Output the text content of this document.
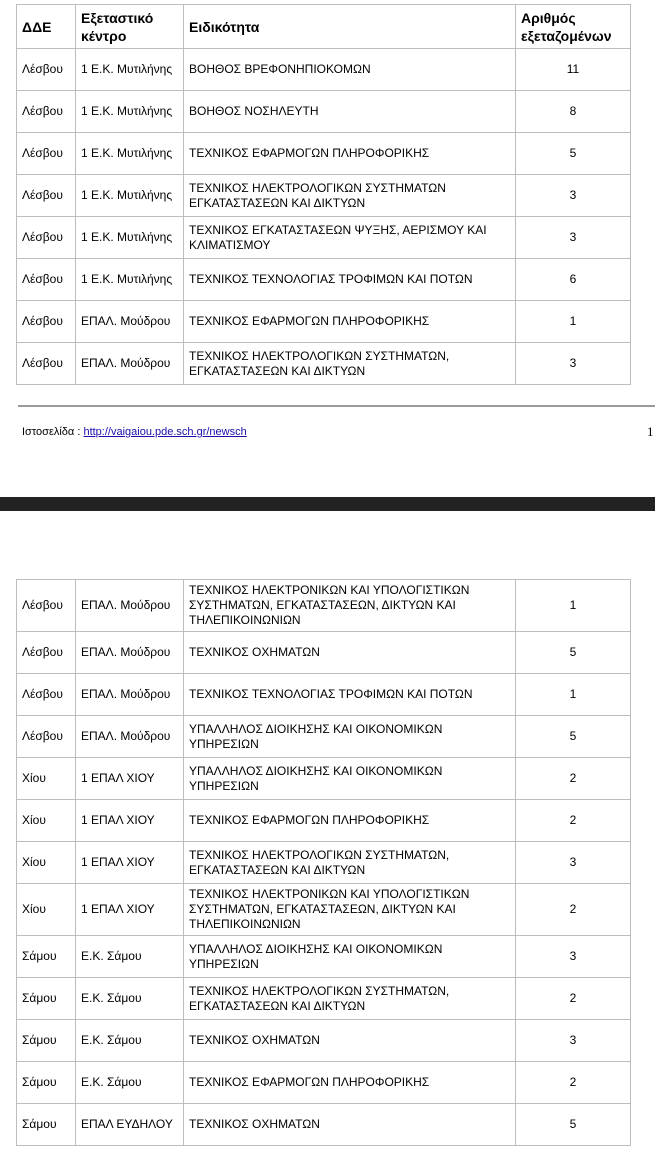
ΔΔΕ	Εξεταστικό κέντρο	Ειδικότητα	Αριθμός εξεταζομένων
Λέσβου	1 Ε.Κ. Μυτιλήνης	ΒΟΗΘΟΣ ΒΡΕΦΟΝΗΠΙΟΚΟΜΩΝ	11
Λέσβου	1 Ε.Κ. Μυτιλήνης	ΒΟΗΘΟΣ ΝΟΣΗΛΕΥΤΗ	8
Λέσβου	1 Ε.Κ. Μυτιλήνης	ΤΕΧΝΙΚΟΣ ΕΦΑΡΜΟΓΩΝ ΠΛΗΡΟΦΟΡΙΚΗΣ	5
Λέσβου	1 Ε.Κ. Μυτιλήνης	ΤΕΧΝΙΚΟΣ ΗΛΕΚΤΡΟΛΟΓΙΚΩΝ ΣΥΣΤΗΜΑΤΩΝ ΕΓΚΑΤΑΣΤΑΣΕΩΝ ΚΑΙ ΔΙΚΤΥΩΝ	3
Λέσβου	1 Ε.Κ. Μυτιλήνης	ΤΕΧΝΙΚΟΣ ΕΓΚΑΤΑΣΤΑΣΕΩΝ ΨΥΞΗΣ, ΑΕΡΙΣΜΟΥ ΚΑΙ ΚΛΙΜΑΤΙΣΜΟΥ	3
Λέσβου	1 Ε.Κ. Μυτιλήνης	ΤΕΧΝΙΚΟΣ ΤΕΧΝΟΛΟΓΙΑΣ ΤΡΟΦΙΜΩΝ ΚΑΙ ΠΟΤΩΝ	6
Λέσβου	ΕΠΑΛ. Μούδρου	ΤΕΧΝΙΚΟΣ ΕΦΑΡΜΟΓΩΝ ΠΛΗΡΟΦΟΡΙΚΗΣ	1
Λέσβου	ΕΠΑΛ. Μούδρου	ΤΕΧΝΙΚΟΣ ΗΛΕΚΤΡΟΛΟΓΙΚΩΝ ΣΥΣΤΗΜΑΤΩΝ, ΕΓΚΑΤΑΣΤΑΣΕΩΝ ΚΑΙ ΔΙΚΤΥΩΝ	3
Ιστοσελίδα : http://vaigaiou.pde.sch.gr/newsch	1
Λέσβου	ΕΠΑΛ. Μούδρου	ΤΕΧΝΙΚΟΣ ΗΛΕΚΤΡΟΝΙΚΩΝ ΚΑΙ ΥΠΟΛΟΓΙΣΤΙΚΩΝ ΣΥΣΤΗΜΑΤΩΝ, ΕΓΚΑΤΑΣΤΑΣΕΩΝ, ΔΙΚΤΥΩΝ ΚΑΙ ΤΗΛΕΠΙΚΟΙΝΩΝΙΩΝ	1
Λέσβου	ΕΠΑΛ. Μούδρου	ΤΕΧΝΙΚΟΣ ΟΧΗΜΑΤΩΝ	5
Λέσβου	ΕΠΑΛ. Μούδρου	ΤΕΧΝΙΚΟΣ ΤΕΧΝΟΛΟΓΙΑΣ ΤΡΟΦΙΜΩΝ ΚΑΙ ΠΟΤΩΝ	1
Λέσβου	ΕΠΑΛ. Μούδρου	ΥΠΑΛΛΗΛΟΣ ΔΙΟΙΚΗΣΗΣ ΚΑΙ ΟΙΚΟΝΟΜΙΚΩΝ ΥΠΗΡΕΣΙΩΝ	5
Χίου	1 ΕΠΑΛ ΧΙΟΥ	ΥΠΑΛΛΗΛΟΣ ΔΙΟΙΚΗΣΗΣ ΚΑΙ ΟΙΚΟΝΟΜΙΚΩΝ ΥΠΗΡΕΣΙΩΝ	2
Χίου	1 ΕΠΑΛ ΧΙΟΥ	ΤΕΧΝΙΚΟΣ ΕΦΑΡΜΟΓΩΝ ΠΛΗΡΟΦΟΡΙΚΗΣ	2
Χίου	1 ΕΠΑΛ ΧΙΟΥ	ΤΕΧΝΙΚΟΣ ΗΛΕΚΤΡΟΛΟΓΙΚΩΝ ΣΥΣΤΗΜΑΤΩΝ, ΕΓΚΑΤΑΣΤΑΣΕΩΝ ΚΑΙ ΔΙΚΤΥΩΝ	3
Χίου	1 ΕΠΑΛ ΧΙΟΥ	ΤΕΧΝΙΚΟΣ ΗΛΕΚΤΡΟΝΙΚΩΝ ΚΑΙ ΥΠΟΛΟΓΙΣΤΙΚΩΝ ΣΥΣΤΗΜΑΤΩΝ, ΕΓΚΑΤΑΣΤΑΣΕΩΝ, ΔΙΚΤΥΩΝ ΚΑΙ ΤΗΛΕΠΙΚΟΙΝΩΝΙΩΝ	2
Σάμου	Ε.Κ. Σάμου	ΥΠΑΛΛΗΛΟΣ ΔΙΟΙΚΗΣΗΣ ΚΑΙ ΟΙΚΟΝΟΜΙΚΩΝ ΥΠΗΡΕΣΙΩΝ	3
Σάμου	Ε.Κ. Σάμου	ΤΕΧΝΙΚΟΣ ΗΛΕΚΤΡΟΛΟΓΙΚΩΝ ΣΥΣΤΗΜΑΤΩΝ, ΕΓΚΑΤΑΣΤΑΣΕΩΝ ΚΑΙ ΔΙΚΤΥΩΝ	2
Σάμου	Ε.Κ. Σάμου	ΤΕΧΝΙΚΟΣ ΟΧΗΜΑΤΩΝ	3
Σάμου	Ε.Κ. Σάμου	ΤΕΧΝΙΚΟΣ ΕΦΑΡΜΟΓΩΝ ΠΛΗΡΟΦΟΡΙΚΗΣ	2
Σάμου	ΕΠΑΛ ΕΥΔΗΛΟΥ	ΤΕΧΝΙΚΟΣ ΟΧΗΜΑΤΩΝ	5
